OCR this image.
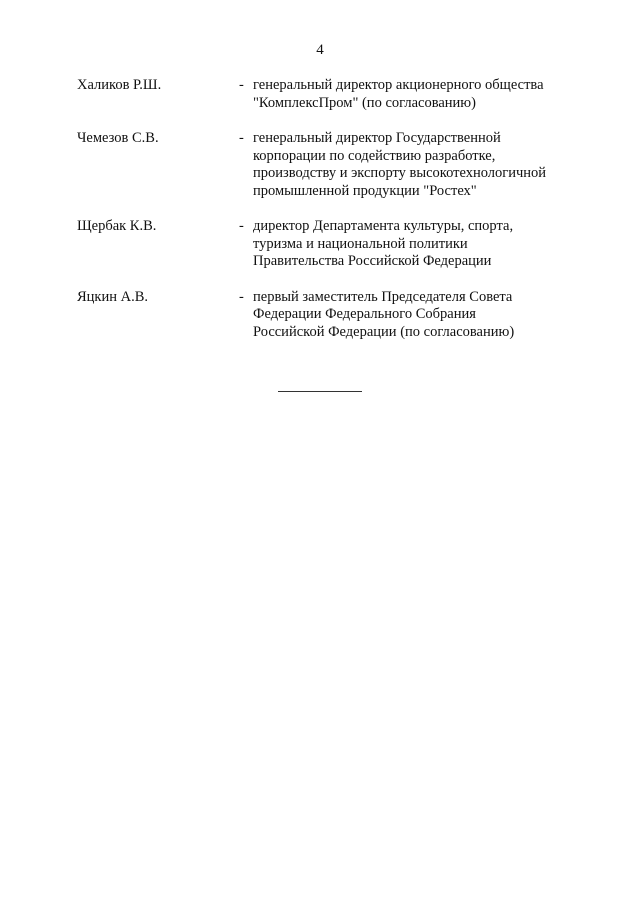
4
Халиков Р.Ш.	- генеральный директор акционерного общества
"КомплексПром" (по согласованию)
Чемезов С.В.	- генеральный директор Государственной
корпорации по содействию разработке,
производству и экспорту высокотехнологичной
промышленной продукции "Ростех"
Щербак К.В.	- директор Департамента культуры, спорта,
туризма и национальной политики
Правительства Российской Федерации
Яцкин А.В.	- первый заместитель Председателя Совета
Федерации Федерального Собрания
Российской Федерации (по согласованию)
